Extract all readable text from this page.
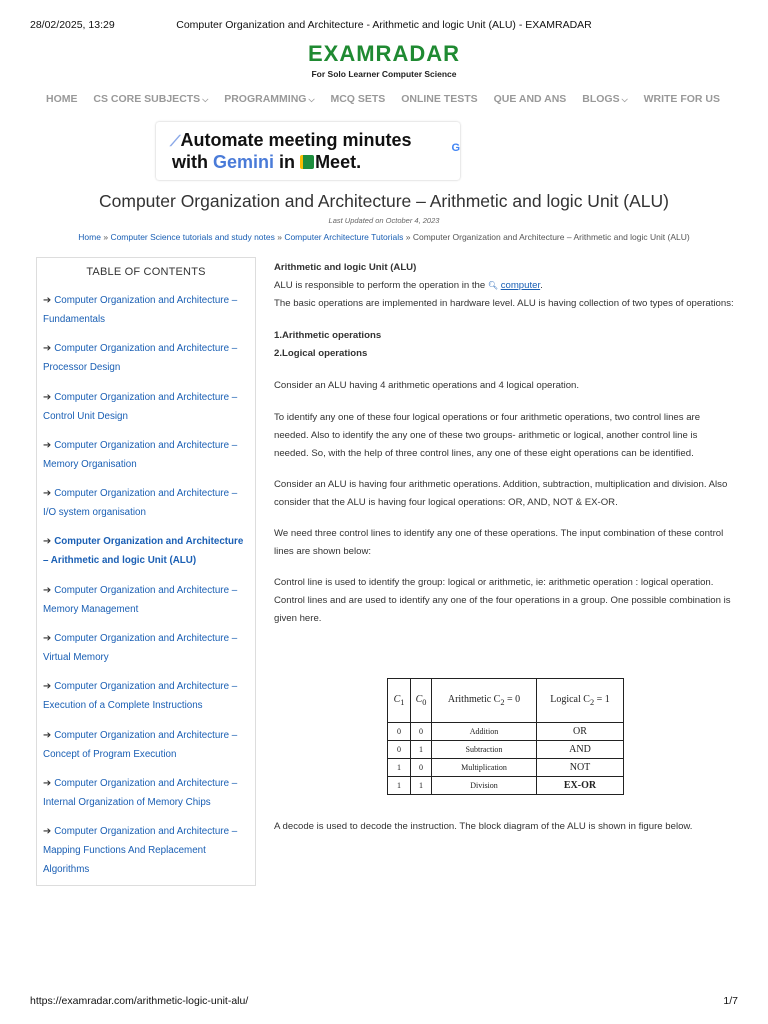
28/02/2025, 13:29	Computer Organization and Architecture - Arithmetic and logic Unit (ALU) - EXAMRADAR
EXAMRADAR
For Solo Learner Computer Science
HOME CS CORE SUBJECTS ⌵ PROGRAMMING ⌵ MCQ SETS ONLINE TESTS QUE AND ANS BLOGS ⌵ WRITE FOR US
⟋Automate meeting minutes
with Gemini in Meet.
G
Computer Organization and Architecture – Arithmetic and logic Unit (ALU)
Last Updated on October 4, 2023
Home » Computer Science tutorials and study notes » Computer Architecture Tutorials » Computer Organization and Architecture – Arithmetic and logic Unit (ALU)
TABLE OF CONTENTS
➔ Computer Organization and Architecture –
Fundamentals
➔ Computer Organization and Architecture –
Processor Design
➔ Computer Organization and Architecture –
Control Unit Design
➔ Computer Organization and Architecture –
Memory Organisation
➔ Computer Organization and Architecture –
I/O system organisation
➔ Computer Organization and Architecture
– Arithmetic and logic Unit (ALU)
➔ Computer Organization and Architecture –
Memory Management
➔ Computer Organization and Architecture –
Virtual Memory
➔ Computer Organization and Architecture –
Execution of a Complete Instructions
➔ Computer Organization and Architecture –
Concept of Program Execution
➔ Computer Organization and Architecture –
Internal Organization of Memory Chips
➔ Computer Organization and Architecture –
Mapping Functions And Replacement
Algorithms

Arithmetic and logic Unit (ALU)

ALU is responsible to perform the operation in the 🔍︎ computer.

The basic operations are implemented in hardware level. ALU is having collection of two types of operations:

1.Arithmetic operations

2.Logical operations

Consider an ALU having 4 arithmetic operations and 4 logical operation.

To identify any one of these four logical operations or four arithmetic operations, two control lines are needed. Also to identify the any one of these two groups- arithmetic or logical, another control line is needed. So, with the help of three control lines, any one of these eight operations can be identified.

Consider an ALU is having four arithmetic operations. Addition, subtraction, multiplication and division. Also consider that the ALU is having four logical operations: OR, AND, NOT & EX-OR.

We need three control lines to identify any one of these operations. The input combination of these control lines are shown below:

Control line is used to identify the group: logical or arithmetic, ie: arithmetic operation : logical operation.

Control lines and are used to identify any one of the four operations in a group. One possible combination is given here.

$C_1$	$C_0$	Arithmetic $C_2 = 0$	Logical $C_2 = 1$
0	0	Addition	OR
0	1	Subtraction	AND
1	0	Multiplication	NOT
1	1	Division	EX-OR

A decode is used to decode the instruction. The block diagram of the ALU is shown in figure below.

https://examradar.com/arithmetic-logic-unit-alu/	1/7
